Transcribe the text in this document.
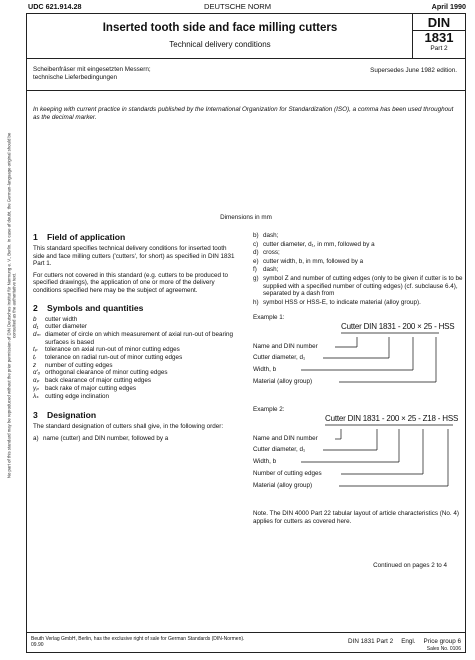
UDC 621.914.28	DEUTSCHE NORM	April 1990
No part of this standard may be reproduced without the prior permission of DIN Deutsches Institut für Normung e. V., Berlin. In case of doubt, the German-language original should be consulted as the authoritative text.
Inserted tooth side and face milling cutters
Technical delivery conditions
DIN
1831
Part 2
Scheibenfräser mit eingesetzten Messern;
technische Lieferbedingungen
Supersedes June 1982 edition.
In keeping with current practice in standards published by the International Organization for Standardization (ISO), a comma has been used throughout as the decimal marker.
Dimensions in mm
1 Field of application

This standard specifies technical delivery conditions for inserted tooth side and face milling cutters ('cutters', for short) as specified in DIN 1831 Part 1.

For cutters not covered in this standard (e.g. cutters to be produced to specified drawings), the application of one or more of the delivery conditions specified here may be the subject of agreement.

2 Symbols and quantities
b	cutter width
d₁	cutter diameter
dₘ diameter of circle on which measurement of axial run-out of bearing surfaces is based
tₚ	tolerance on axial run-out of minor cutting edges
tᵣ	tolerance on radial run-out of minor cutting edges
z	number of cutting edges
α'ₒ orthogonal clearance of minor cutting edges
αₚ back clearance of major cutting edges
γₚ back rake of major cutting edges
λₛ	cutting edge inclination
3 Designation

The standard designation of cutters shall give, in the following order:

a) name (cutter) and DIN number, followed by a
b) dash;
c) cutter diameter, d₁, in mm, followed by a
d) cross;
e) cutter width, b, in mm, followed by a
f) dash;
g) symbol Z and number of cutting edges (only to be given if cutter is to be supplied with a specified number of cutting edges) (cf. subclause 6.4), separated by a dash from
h) symbol HSS or HSS-E, to indicate material (alloy group).
Example 1:
Cutter DIN 1831 - 200 × 25 - HSS
Name and DIN number
Cutter diameter, d₁
Width, b
Material (alloy group)
Example 2:
Cutter DIN 1831 - 200 × 25 - Z18 - HSS
Name and DIN number
Cutter diameter, d₁
Width, b
Number of cutting edges
Material (alloy group)

Note. The DIN 4000 Part 22 tabular layout of article characteristics (No. 4) applies for cutters as covered here.

Continued on pages 2 to 4
Beuth Verlag GmbH, Berlin, has the exclusive right of sale for German Standards (DIN-Normen).
09.90	DIN 1831 Part 2 Engl. Price group 6
Sales No. 0106
